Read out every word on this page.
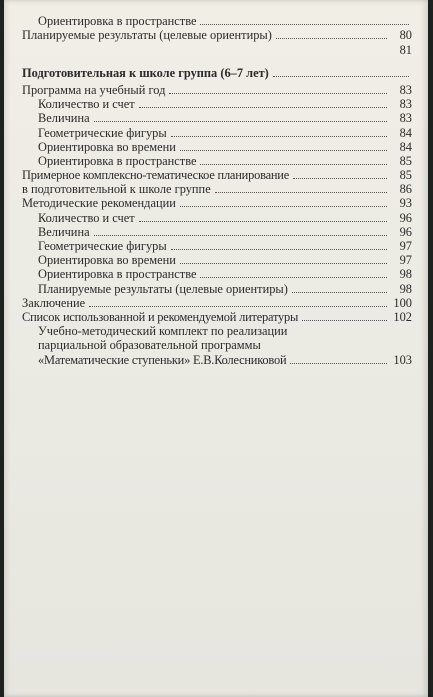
Ориентировка в пространстве
Планируемые результаты (целевые ориентиры)	80
81
Подготовительная к школе группа (6–7 лет)
Программа на учебный год	83
Количество и счет	83
Величина	83
Геометрические фигуры	84
Ориентировка во времени	84
Ориентировка в пространстве	85
Примерное комплексно-тематическое планирование	85
в подготовительной к школе группе	86
Методические рекомендации	93
Количество и счет	96
Величина	96
Геометрические фигуры	97
Ориентировка во времени	97
Ориентировка в пространстве	98
Планируемые результаты (целевые ориентиры)	98
Заключение	100
Список использованной и рекомендуемой литературы	102
Учебно-методический комплект по реализации
парциальной образовательной программы
«Математические ступеньки» Е.В.Колесниковой	103
